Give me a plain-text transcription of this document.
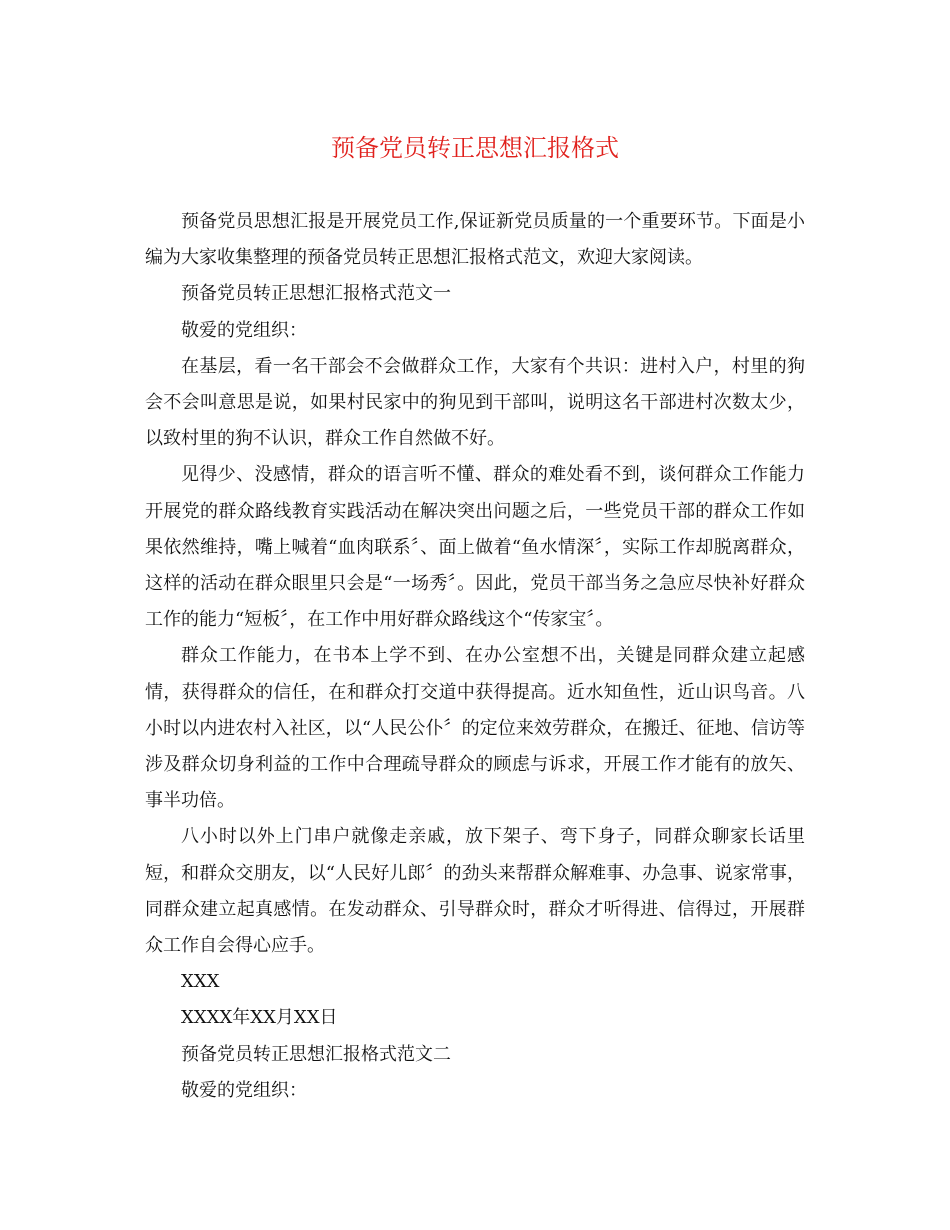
预备党员转正思想汇报格式

预备党员思想汇报是开展党员工作,保证新党员质量的一个重要环节。下面是小编为大家收集整理的预备党员转正思想汇报格式范文，欢迎大家阅读。

预备党员转正思想汇报格式范文一

敬爱的党组织：

在基层，看一名干部会不会做群众工作，大家有个共识：进村入户，村里的狗会不会叫意思是说，如果村民家中的狗见到干部叫，说明这名干部进村次数太少，以致村里的狗不认识，群众工作自然做不好。

见得少、没感情，群众的语言听不懂、群众的难处看不到，谈何群众工作能力开展党的群众路线教育实践活动在解决突出问题之后，一些党员干部的群众工作如果依然维持，嘴上喊着“血肉联系〞、面上做着“鱼水情深〞，实际工作却脱离群众，这样的活动在群众眼里只会是“一场秀〞。因此，党员干部当务之急应尽快补好群众工作的能力“短板〞，在工作中用好群众路线这个“传家宝〞。

群众工作能力，在书本上学不到、在办公室想不出，关键是同群众建立起感情，获得群众的信任，在和群众打交道中获得提高。近水知鱼性，近山识鸟音。八小时以内进农村入社区，以“人民公仆〞的定位来效劳群众，在搬迁、征地、信访等涉及群众切身利益的工作中合理疏导群众的顾虑与诉求，开展工作才能有的放矢、事半功倍。

八小时以外上门串户就像走亲戚，放下架子、弯下身子，同群众聊家长话里短，和群众交朋友，以“人民好儿郎〞的劲头来帮群众解难事、办急事、说家常事，同群众建立起真感情。在发动群众、引导群众时，群众才听得进、信得过，开展群众工作自会得心应手。

XXX

XXXX年XX月XX日

预备党员转正思想汇报格式范文二

敬爱的党组织：
